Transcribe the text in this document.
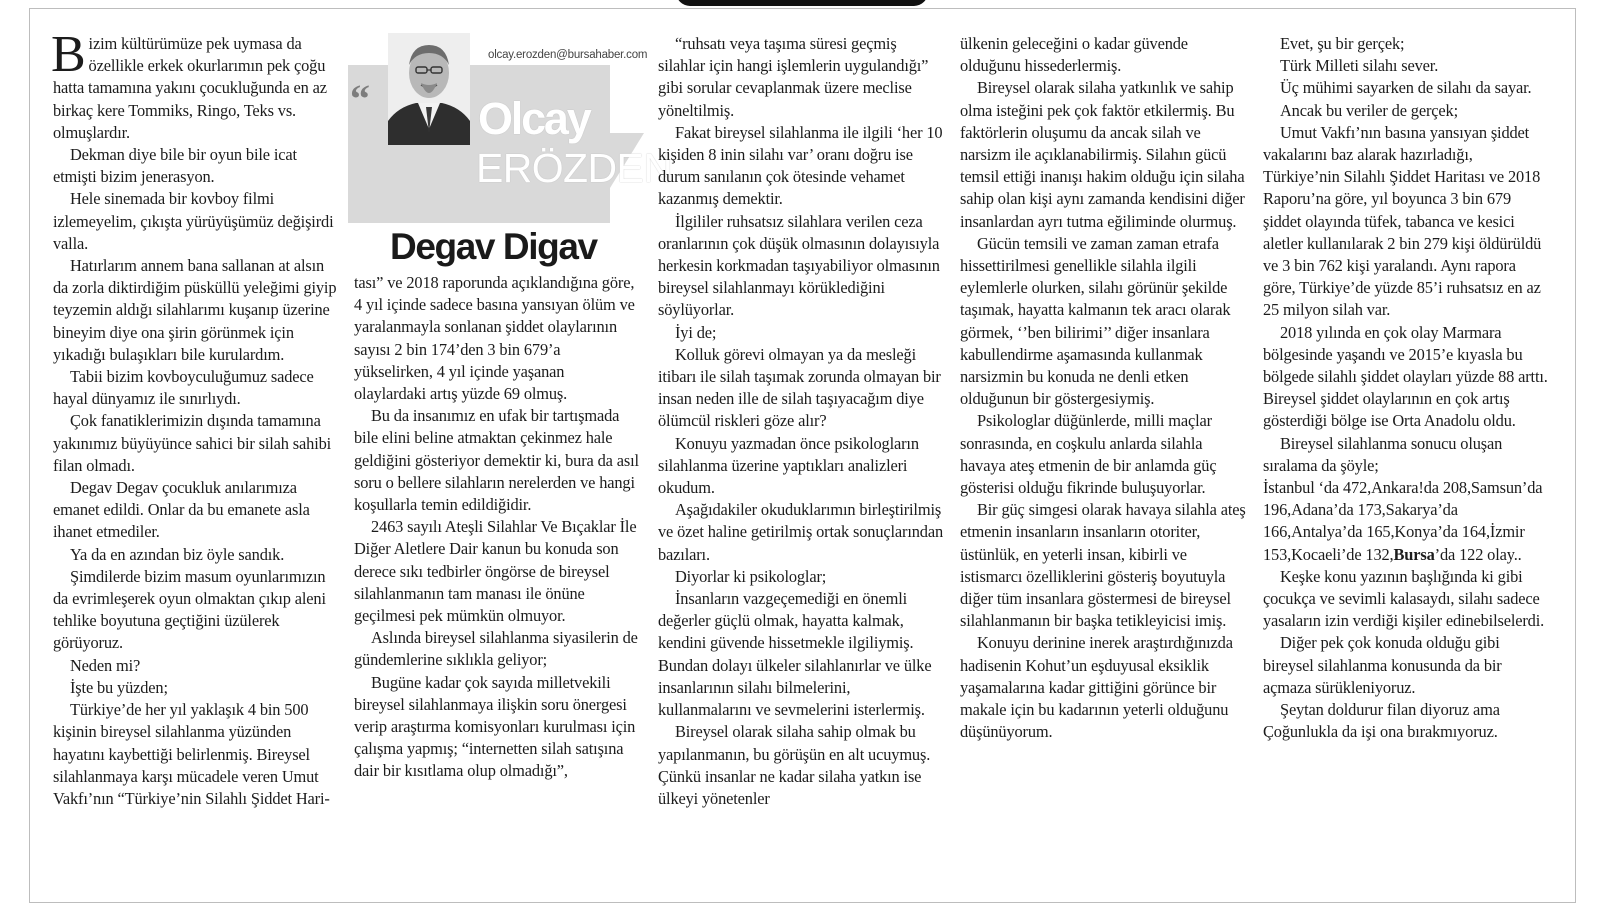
olcay.erozden@bursahaber.com
“ Olcay
ERÖZDEN
Degav Digav

Bizim kültürümüze pek uymasa da özellikle erkek okurlarımın pek çoğu hatta tamamına yakını çocukluğunda en az birkaç kere Tommiks, Ringo, Teks vs. olmuşlardır.

Dekman diye bile bir oyun bile icat etmişti bizim jenerasyon.

Hele sinemada bir kovboy filmi izlemeyelim, çıkışta yürüyüşümüz değişirdi valla.

Hatırlarım annem bana sallanan at alsın da zorla diktirdiğim püsküllü yeleğimi giyip teyzemin aldığı silahlarımı kuşanıp üzerine bineyim diye ona şirin görünmek için yıkadığı bulaşıkları bile kurulardım.

Tabii bizim kovboyculuğumuz sadece hayal dünyamız ile sınırlıydı.

Çok fanatiklerimizin dışında tamamına yakınımız büyüyünce sahici bir silah sahibi filan olmadı.

Degav Degav çocukluk anılarımıza emanet edildi. Onlar da bu emanete asla ihanet etmediler.

Ya da en azından biz öyle sandık.

Şimdilerde bizim masum oyunlarımızın da evrimleşerek oyun olmaktan çıkıp aleni tehlike boyutuna geçtiğini üzülerek görüyoruz.

Neden mi?

İşte bu yüzden;

Türkiye’de her yıl yaklaşık 4 bin 500 kişinin bireysel silahlanma yüzünden hayatını kaybettiği belirlenmiş. Bireysel silahlanmaya karşı mücadele veren Umut Vakfı’nın “Türkiye’nin Silahlı Şiddet Hari-

tası” ve 2018 raporunda açıklandığına göre, 4 yıl içinde sadece basına yansıyan ölüm ve yaralanmayla sonlanan şiddet olaylarının sayısı 2 bin 174’den 3 bin 679’a yükselirken, 4 yıl içinde yaşanan olaylardaki artış yüzde 69 olmuş.

Bu da insanımız en ufak bir tartışmada bile elini beline atmaktan çekinmez hale geldiğini gösteriyor demektir ki, bura da asıl soru o bellere silahların nerelerden ve hangi koşullarla temin edildiğidir.

2463 sayılı Ateşli Silahlar Ve Bıçaklar İle Diğer Aletlere Dair kanun bu konuda son derece sıkı tedbirler öngörse de bireysel silahlanmanın tam manası ile önüne geçilmesi pek mümkün olmuyor.

Aslında bireysel silahlanma siyasilerin de gündemlerine sıklıkla geliyor;

Bugüne kadar çok sayıda milletvekili bireysel silahlanmaya ilişkin soru önergesi verip araştırma komisyonları kurulması için çalışma yapmış; “internetten silah satışına dair bir kısıtlama olup olmadığı”,

“ruhsatı veya taşıma süresi geçmiş silahlar için hangi işlemlerin uygulandığı” gibi sorular cevaplanmak üzere meclise yöneltilmiş.

Fakat bireysel silahlanma ile ilgili ‘her 10 kişiden 8 inin silahı var’ oranı doğru ise durum sanılanın çok ötesinde vehamet kazanmış demektir.

İlgililer ruhsatsız silahlara verilen ceza oranlarının çok düşük olmasının dolayısıyla herkesin korkmadan taşıyabiliyor olmasının bireysel silahlanmayı körüklediğini söylüyorlar.

İyi de;

Kolluk görevi olmayan ya da mesleği itibarı ile silah taşımak zorunda olmayan bir insan neden ille de silah taşıyacağım diye ölümcül riskleri göze alır?

Konuyu yazmadan önce psikologların silahlanma üzerine yaptıkları analizleri okudum.

Aşağıdakiler okuduklarımın birleştirilmiş ve özet haline getirilmiş ortak sonuçlarından bazıları.

Diyorlar ki psikologlar;

İnsanların vazgeçemediği en önemli değerler güçlü olmak, hayatta kalmak, kendini güvende hissetmekle ilgiliymiş. Bundan dolayı ülkeler silahlanırlar ve ülke insanlarının silahı bilmelerini, kullanmalarını ve sevmelerini isterlermiş.

Bireysel olarak silaha sahip olmak bu yapılanmanın, bu görüşün en alt ucuymuş. Çünkü insanlar ne kadar silaha yatkın ise ülkeyi yönetenler

ülkenin geleceğini o kadar güvende olduğunu hissederlermiş.

Bireysel olarak silaha yatkınlık ve sahip olma isteğini pek çok faktör etkilermiş. Bu faktörlerin oluşumu da ancak silah ve narsizm ile açıklanabilirmiş. Silahın gücü temsil ettiği inanışı hakim olduğu için silaha sahip olan kişi aynı zamanda kendisini diğer insanlardan ayrı tutma eğiliminde olurmuş.

Gücün temsili ve zaman zaman etrafa hissettirilmesi genellikle silahla ilgili eylemlerle olurken, silahı görünür şekilde taşımak, hayatta kalmanın tek aracı olarak görmek, ‘’ben bilirimi’’ diğer insanlara kabullendirme aşamasında kullanmak narsizmin bu konuda ne denli etken olduğunun bir göstergesiymiş.

Psikologlar düğünlerde, milli maçlar sonrasında, en coşkulu anlarda silahla havaya ateş etmenin de bir anlamda güç gösterisi olduğu fikrinde buluşuyorlar.

Bir güç simgesi olarak havaya silahla ateş etmenin insanların insanların otoriter, üstünlük, en yeterli insan, kibirli ve istismarcı özelliklerini gösteriş boyutuyla diğer tüm insanlara göstermesi de bireysel silahlanmanın bir başka tetikleyicisi imiş.

Konuyu derinine inerek araştırdığınızda hadisenin Kohut’un eşduyusal eksiklik yaşamalarına kadar gittiğini görünce bir makale için bu kadarının yeterli olduğunu düşünüyorum.

Evet, şu bir gerçek;

Türk Milleti silahı sever.

Üç mühimi sayarken de silahı da sayar.

Ancak bu veriler de gerçek;

Umut Vakfı’nın basına yansıyan şiddet vakalarını baz alarak hazırladığı, Türkiye’nin Silahlı Şiddet Haritası ve 2018 Raporu’na göre, yıl boyunca 3 bin 679 şiddet olayında tüfek, tabanca ve kesici aletler kullanılarak 2 bin 279 kişi öldürüldü ve 3 bin 762 kişi yaralandı. Aynı rapora göre, Türkiye’de yüzde 85’i ruhsatsız en az 25 milyon silah var.

2018 yılında en çok olay Marmara bölgesinde yaşandı ve 2015’e kıyasla bu bölgede silahlı şiddet olayları yüzde 88 arttı. Bireysel şiddet olaylarının en çok artış gösterdiği bölge ise Orta Anadolu oldu.

Bireysel silahlanma sonucu oluşan sıralama da şöyle;

İstanbul ‘da 472,Ankara!da 208,Samsun’da 196,Adana’da 173,Sakarya’da 166,Antalya’da 165,Konya’da 164,İzmir 153,Kocaeli’de 132,Bursa’da 122 olay..

Keşke konu yazının başlığında ki gibi çocukça ve sevimli kalasaydı, silahı sadece yasaların izin verdiği kişiler edinebilselerdi.

Diğer pek çok konuda olduğu gibi bireysel silahlanma konusunda da bir açmaza sürükleniyoruz.

Şeytan doldurur filan diyoruz ama Çoğunlukla da işi ona bırakmıyoruz.
